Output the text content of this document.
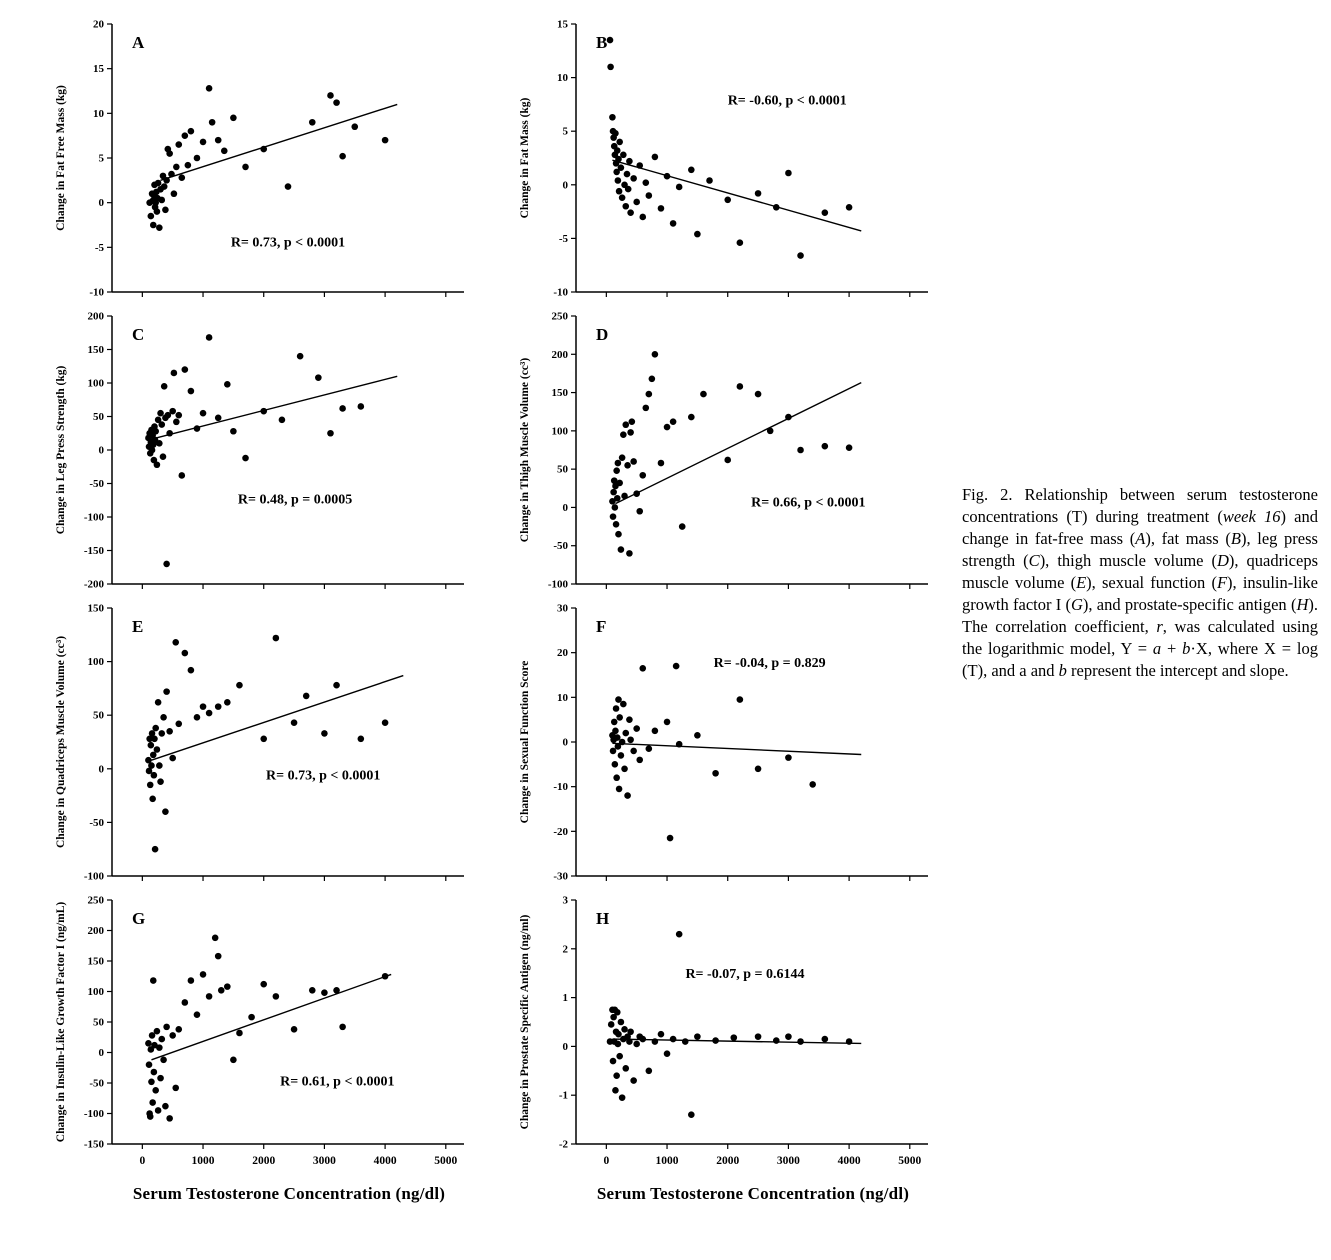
20
15
10
5
0
-5
-10
A
R= 0.73, p < 0.0001
Change in Fat Free Mass (kg)
200
150
100
50
0
-50
-100
-150
-200
C
R= 0.48, p = 0.0005
Change in Leg Press Strength (kg)
150
100
50
0
-50
-100
E
R= 0.73, p < 0.0001
Change in Quadriceps Muscle Volume (cc³)
250
200
150
100
50
0
-50
-100
-150
0	1000	2000	3000	4000	5000
G
R= 0.61, p < 0.0001
Change in Insulin-Like Growth Factor I (ng/mL)
Serum Testosterone Concentration (ng/dl)
15
10
5
0
-5
-10
B
R= -0.60, p < 0.0001
Change in Fat Mass (kg)
250
200
150
100
50
0
-50
-100
D
R= 0.66, p < 0.0001
Change in Thigh Muscle Volume (cc³)
30
20
10
0
-10
-20
-30
F
R= -0.04, p = 0.829
Change in Sexual Function Score
3
2
1
0
-1
-2
0	1000	2000	3000	4000	5000
H
R= -0.07, p = 0.6144
Change in Prostate Specific Antigen (ng/ml)
Serum Testosterone Concentration (ng/dl)
Fig. 2. Relationship between serum testosterone concentrations (T) during treatment (week 16) and change in fat-free mass (A), fat mass (B), leg press strength (C), thigh muscle volume (D), quadriceps muscle volume (E), sexual function (F), insulin-like growth factor I (G), and prostate-specific antigen (H). The correlation coefficient, r, was calculated using the logarithmic model, Y = a + b·X, where X = log (T), and a and b represent the intercept and slope.
